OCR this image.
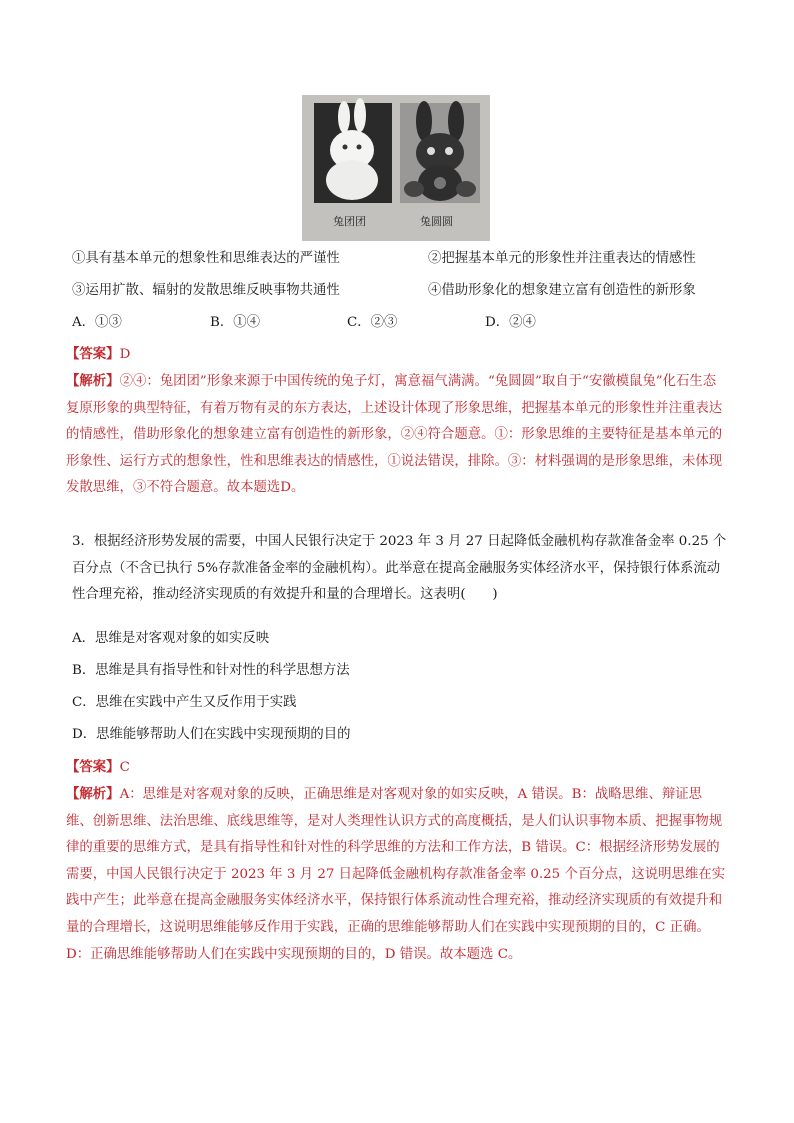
兔团团	兔圆圆
①具有基本单元的想象性和思维表达的严谨性	②把握基本单元的形象性并注重表达的情感性
③运用扩散、辐射的发散思维反映事物共通性	④借助形象化的想象建立富有创造性的新形象
A．①③	B．①④	C．②③	D．②④
【答案】D
【解析】②④：兔团团”形象来源于中国传统的兔子灯，寓意福气满满。“兔圆圆”取自于“安徽模鼠兔”化石生态复原形象的典型特征，有着万物有灵的东方表达，上述设计体现了形象思维，把握基本单元的形象性并注重表达的情感性，借助形象化的想象建立富有创造性的新形象，②④符合题意。①：形象思维的主要特征是基本单元的形象性、运行方式的想象性，性和思维表达的情感性，①说法错误，排除。③：材料强调的是形象思维，未体现发散思维，③不符合题意。故本题选D。
3．根据经济形势发展的需要，中国人民银行决定于 2023 年 3 月 27 日起降低金融机构存款准备金率 0.25 个百分点（不含已执行 5%存款准备金率的金融机构）。此举意在提高金融服务实体经济水平，保持银行体系流动性合理充裕，推动经济实现质的有效提升和量的合理增长。这表明(　　)
A．思维是对客观对象的如实反映
B．思维是具有指导性和针对性的科学思想方法
C．思维在实践中产生又反作用于实践
D．思维能够帮助人们在实践中实现预期的目的
【答案】C
【解析】A：思维是对客观对象的反映，正确思维是对客观对象的如实反映，A 错误。B：战略思维、辩证思维、创新思维、法治思维、底线思维等，是对人类理性认识方式的高度概括，是人们认识事物本质、把握事物规律的重要的思维方式，是具有指导性和针对性的科学思维的方法和工作方法，B 错误。C：根据经济形势发展的需要，中国人民银行决定于 2023 年 3 月 27 日起降低金融机构存款准备金率 0.25 个百分点，这说明思维在实践中产生；此举意在提高金融服务实体经济水平，保持银行体系流动性合理充裕，推动经济实现质的有效提升和量的合理增长，这说明思维能够反作用于实践，正确的思维能够帮助人们在实践中实现预期的目的，C 正确。D：正确思维能够帮助人们在实践中实现预期的目的，D 错误。故本题选 C。
